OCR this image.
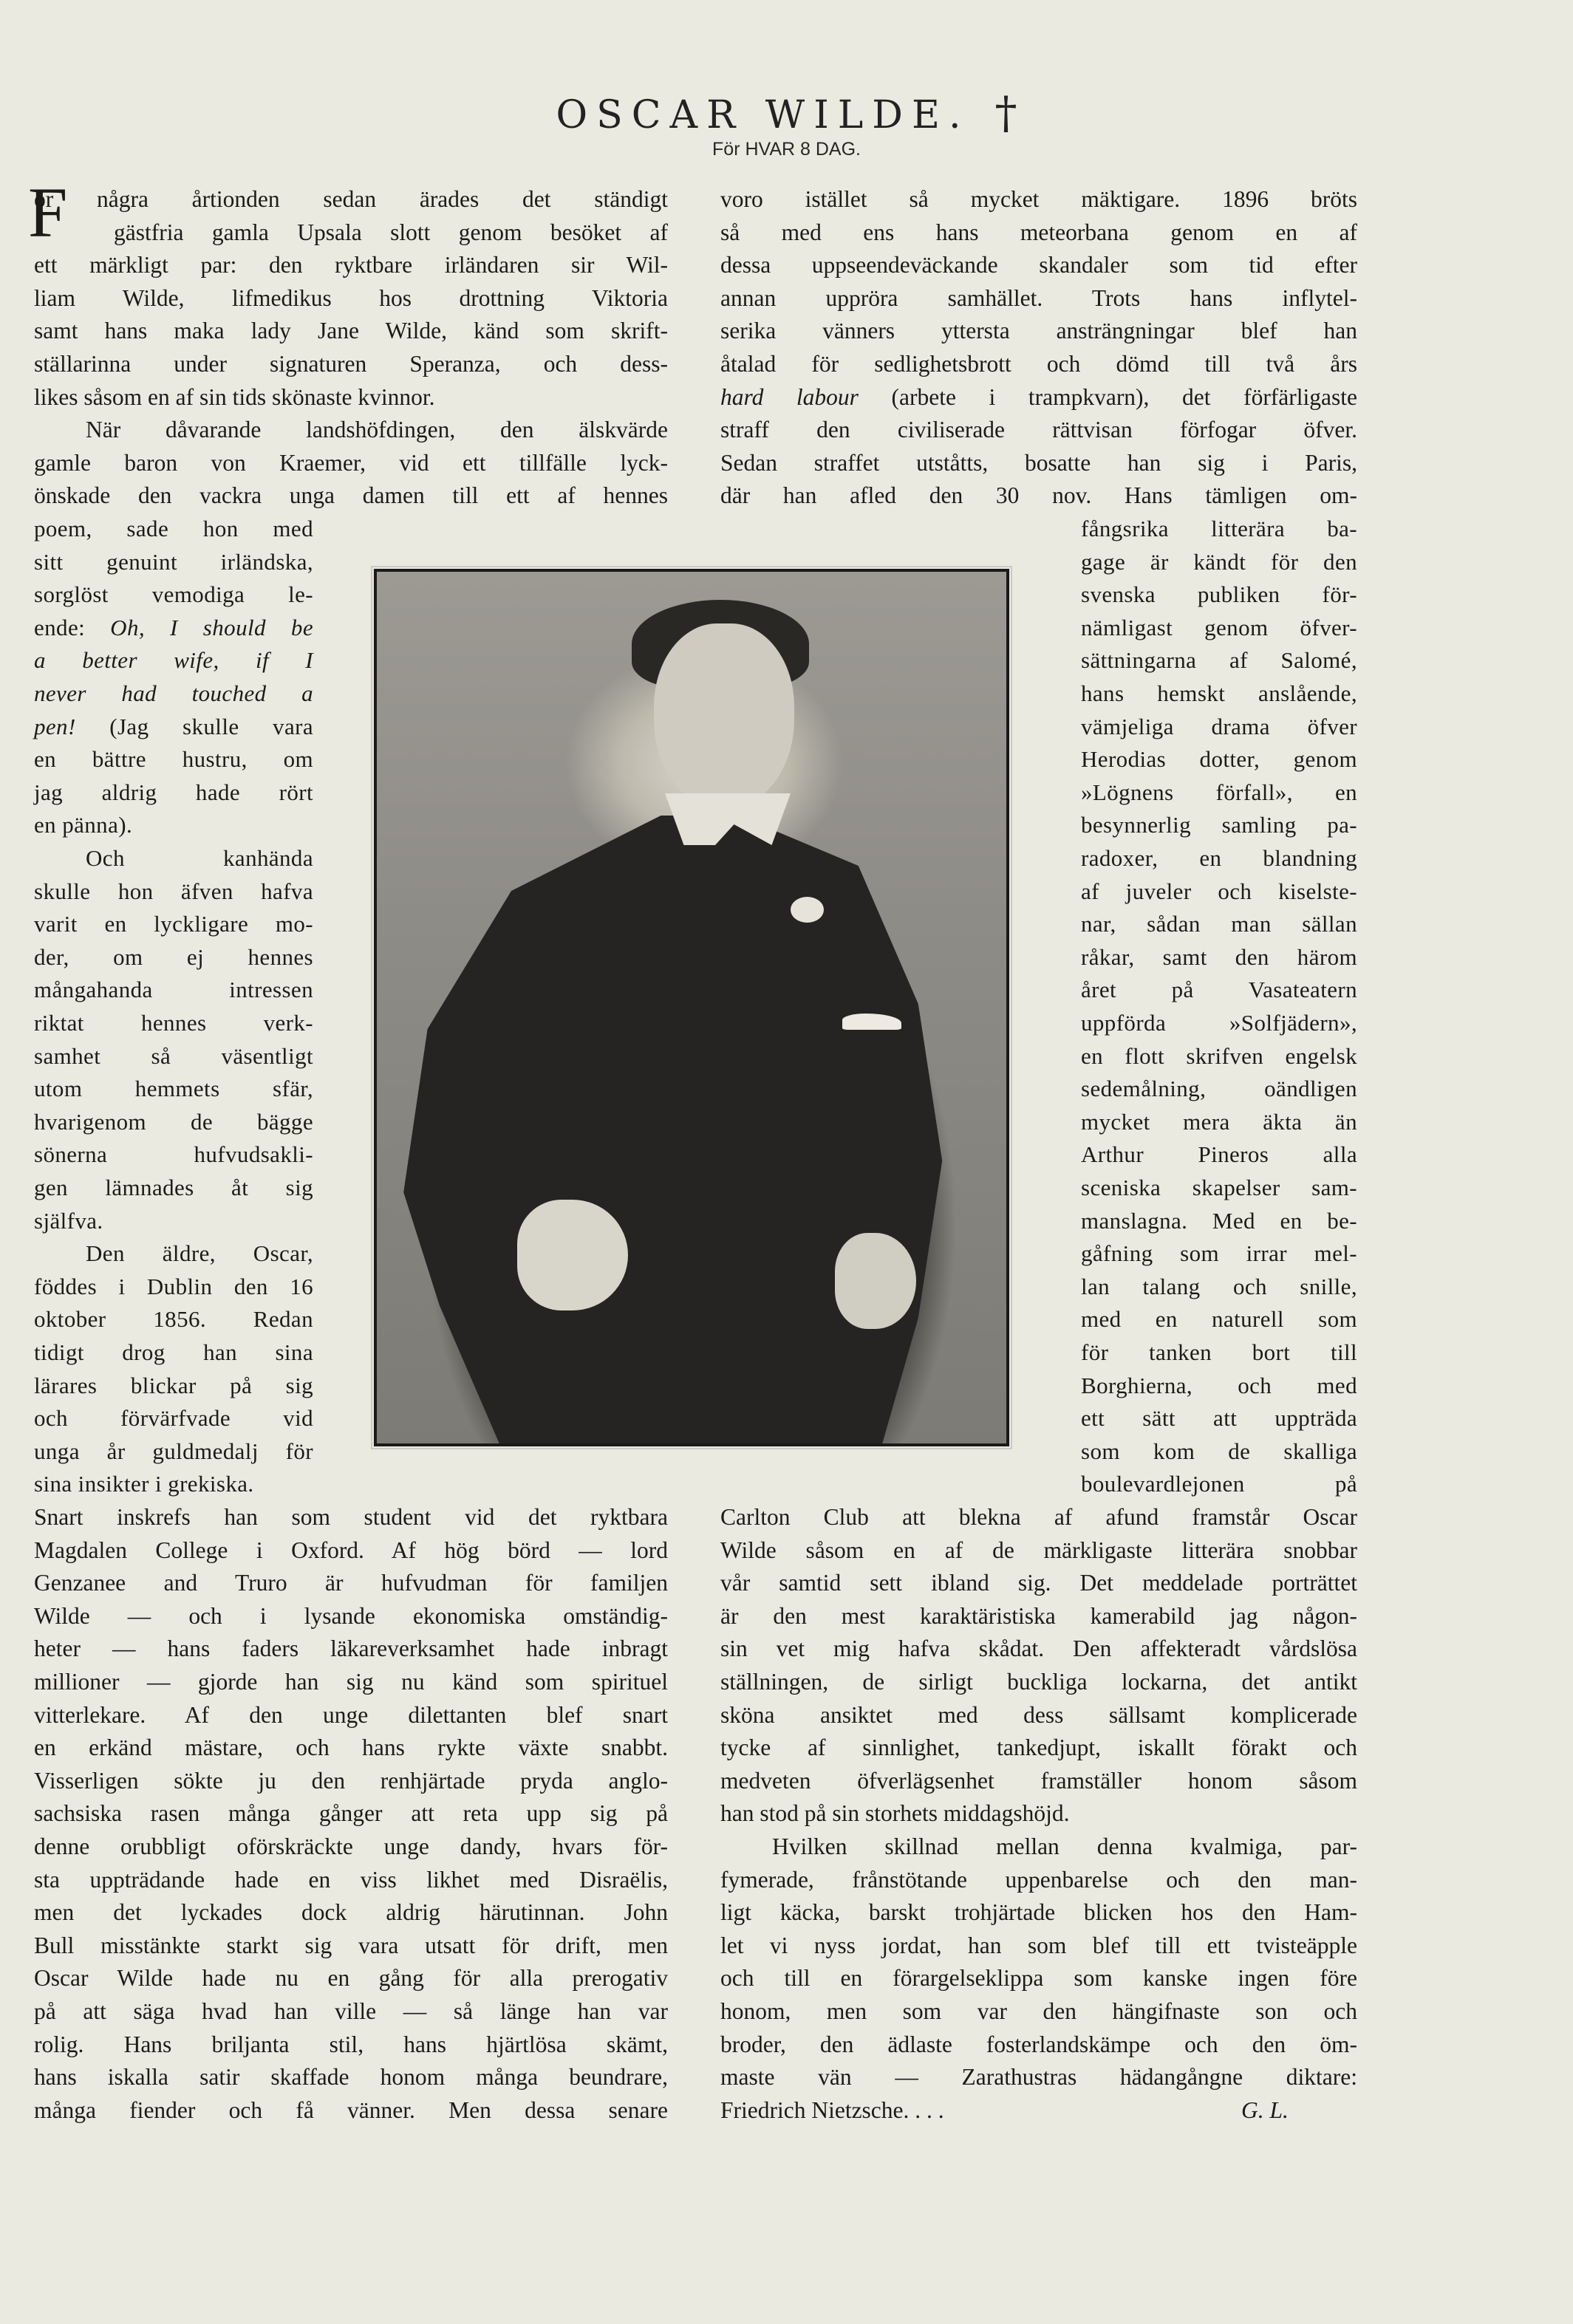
OSCAR WILDE. †
För HVAR 8 DAG.
F
ör några årtionden sedan ärades det ständigt
gästfria gamla Upsala slott genom besöket af
ett märkligt par: den ryktbare irländaren sir Wil-
liam Wilde, lifmedikus hos drottning Viktoria
samt hans maka lady Jane Wilde, känd som skrift-
ställarinna under signaturen Speranza, och dess-
likes såsom en af sin tids skönaste kvinnor.
När dåvarande landshöfdingen, den älskvärde
gamle baron von Kraemer, vid ett tillfälle lyck-
önskade den vackra unga damen till ett af hennes
poem, sade hon med
sitt genuint irländska,
sorglöst vemodiga le-
ende: Oh, I should be
a better wife, if I
never had touched a
pen! (Jag skulle vara
en bättre hustru, om
jag aldrig hade rört
en pänna).
Och kanhända
skulle hon äfven hafva
varit en lyckligare mo-
der, om ej hennes
mångahanda intressen
riktat hennes verk-
samhet så väsentligt
utom hemmets sfär,
hvarigenom de bägge
sönerna hufvudsakli-
gen lämnades åt sig
själfva.
Den äldre, Oscar,
föddes i Dublin den 16
oktober 1856. Redan
tidigt drog han sina
lärares blickar på sig
och förvärfvade vid
unga år guldmedalj för
sina insikter i grekiska.
Snart inskrefs han som student vid det ryktbara
Magdalen College i Oxford. Af hög börd — lord
Genzanee and Truro är hufvudman för familjen
Wilde — och i lysande ekonomiska omständig-
heter — hans faders läkareverksamhet hade inbragt
millioner — gjorde han sig nu känd som spirituel
vitterlekare. Af den unge dilettanten blef snart
en erkänd mästare, och hans rykte växte snabbt.
Visserligen sökte ju den renhjärtade pryda anglo-
sachsiska rasen många gånger att reta upp sig på
denne orubbligt oförskräckte unge dandy, hvars för-
sta uppträdande hade en viss likhet med Disraëlis,
men det lyckades dock aldrig härutinnan. John
Bull misstänkte starkt sig vara utsatt för drift, men
Oscar Wilde hade nu en gång för alla prerogativ
på att säga hvad han ville — så länge han var
rolig. Hans briljanta stil, hans hjärtlösa skämt,
hans iskalla satir skaffade honom många beundrare,
många fiender och få vänner. Men dessa senare
voro istället så mycket mäktigare. 1896 bröts
så med ens hans meteorbana genom en af
dessa uppseendeväckande skandaler som tid efter
annan upprörа samhället. Trots hans inflytel-
serika vänners yttersta ansträngningar blef han
åtalad för sedlighetsbrott och dömd till två års
hard labour (arbete i trampkvarn), det förfärligaste
straff den civiliserade rättvisan förfogar öfver.
Sedan straffet utståtts, bosatte han sig i Paris,
där han afled den 30 nov. Hans tämligen om-
fångsrika litterära ba-
gage är kändt för den
svenska publiken för-
nämligast genom öfver-
sättningarna af Salomé,
hans hemskt anslående,
vämjeliga drama öfver
Herodias dotter, genom
»Lögnens förfall», en
besynnerlig samling pa-
radoxer, en blandning
af juveler och kiselste-
nar, sådan man sällan
råkar, samt den härom
året på Vasateatern
uppförda »Solfjädern»,
en flott skrifven engelsk
sedemålning, oändligen
mycket mera äkta än
Arthur Pineros alla
sceniska skapelser sam-
manslagna. Med en be-
gåfning som irrar mel-
lan talang och snille,
med en naturell som
för tanken bort till
Borghierna, och med
ett sätt att uppträda
som kom de skalliga
boulevardlejonen på
Carlton Club att blekna af afund framstår Oscar
Wilde såsom en af de märkligaste litterära snobbar
vår samtid sett ibland sig. Det meddelade porträttet
är den mest karaktäristiska kamerabild jag någon-
sin vet mig hafva skådat. Den affekteradt vårdslösa
ställningen, de sirligt buckliga lockarna, det antikt
sköna ansiktet med dess sällsamt komplicerade
tycke af sinnlighet, tankedjupt, iskallt förakt och
medveten öfverlägsenhet framställer honom såsom
han stod på sin storhets middagshöjd.
Hvilken skillnad mellan denna kvalmiga, par-
fymerade, frånstötande uppenbarelse och den man-
ligt käcka, barskt trohjärtade blicken hos den Ham-
let vi nyss jordat, han som blef till ett tvisteäpple
och till en förargelseklippa som kanske ingen före
honom, men som var den hängifnaste son och
broder, den ädlaste fosterlandskämpe och den öm-
maste vän — Zarathustras hädangångne diktare:
Friedrich Nietzsche. . . .	G. L.
